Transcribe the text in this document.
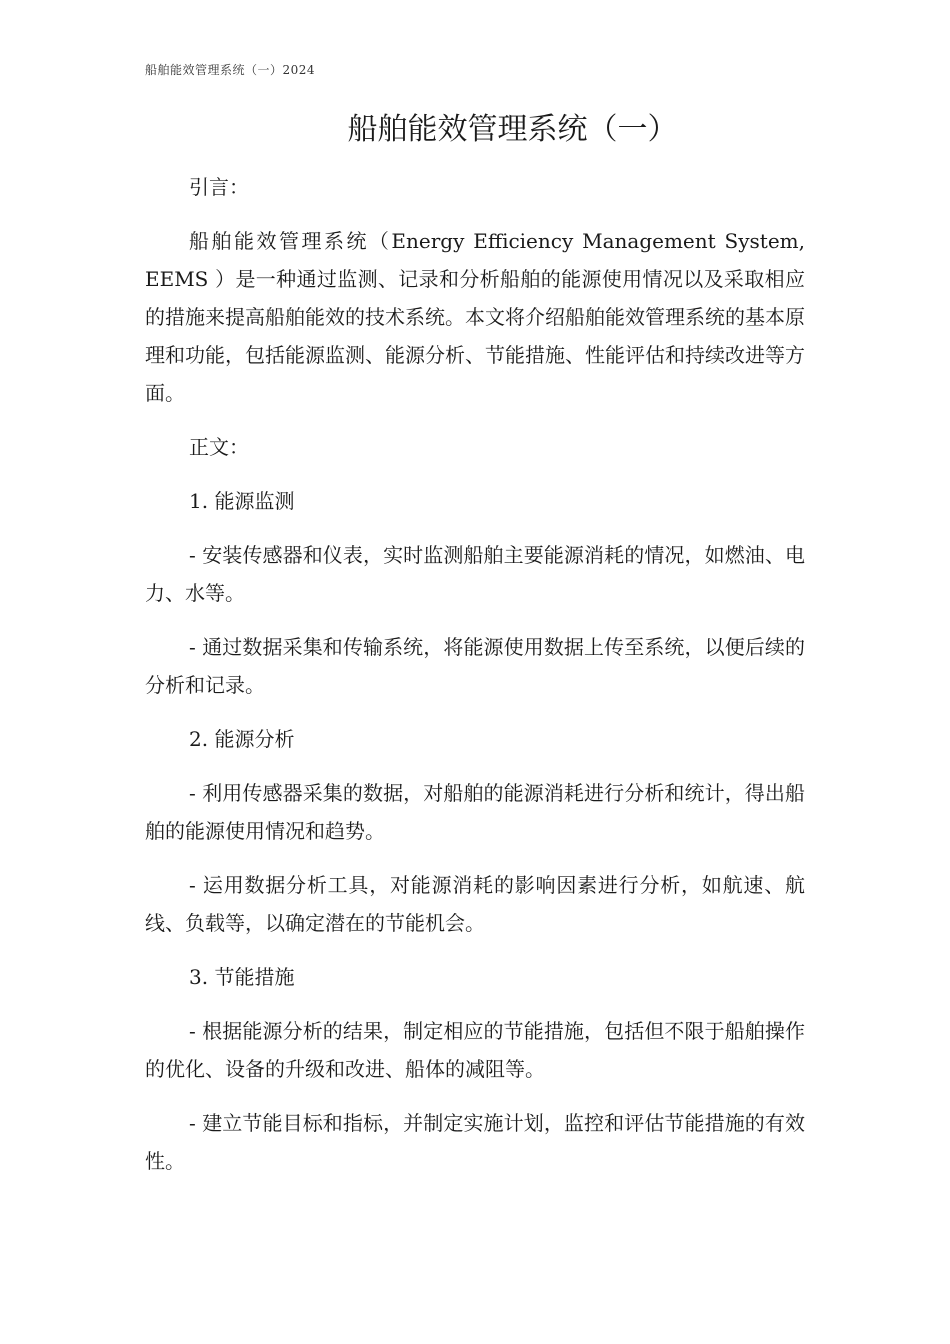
船舶能效管理系统（一）2024
船舶能效管理系统（一）

引言：

船舶能效管理系统（Energy Efficiency Management System, EEMS ）是一种通过监测、记录和分析船舶的能源使用情况以及采取相应的措施来提高船舶能效的技术系统。本文将介绍船舶能效管理系统的基本原理和功能，包括能源监测、能源分析、节能措施、性能评估和持续改进等方面。

正文：

1. 能源监测

- 安装传感器和仪表，实时监测船舶主要能源消耗的情况，如燃油、电力、水等。

- 通过数据采集和传输系统，将能源使用数据上传至系统，以便后续的分析和记录。

2. 能源分析

- 利用传感器采集的数据，对船舶的能源消耗进行分析和统计，得出船舶的能源使用情况和趋势。

- 运用数据分析工具，对能源消耗的影响因素进行分析，如航速、航线、负载等，以确定潜在的节能机会。

3. 节能措施

- 根据能源分析的结果，制定相应的节能措施，包括但不限于船舶操作的优化、设备的升级和改进、船体的减阻等。

- 建立节能目标和指标，并制定实施计划，监控和评估节能措施的有效性。
